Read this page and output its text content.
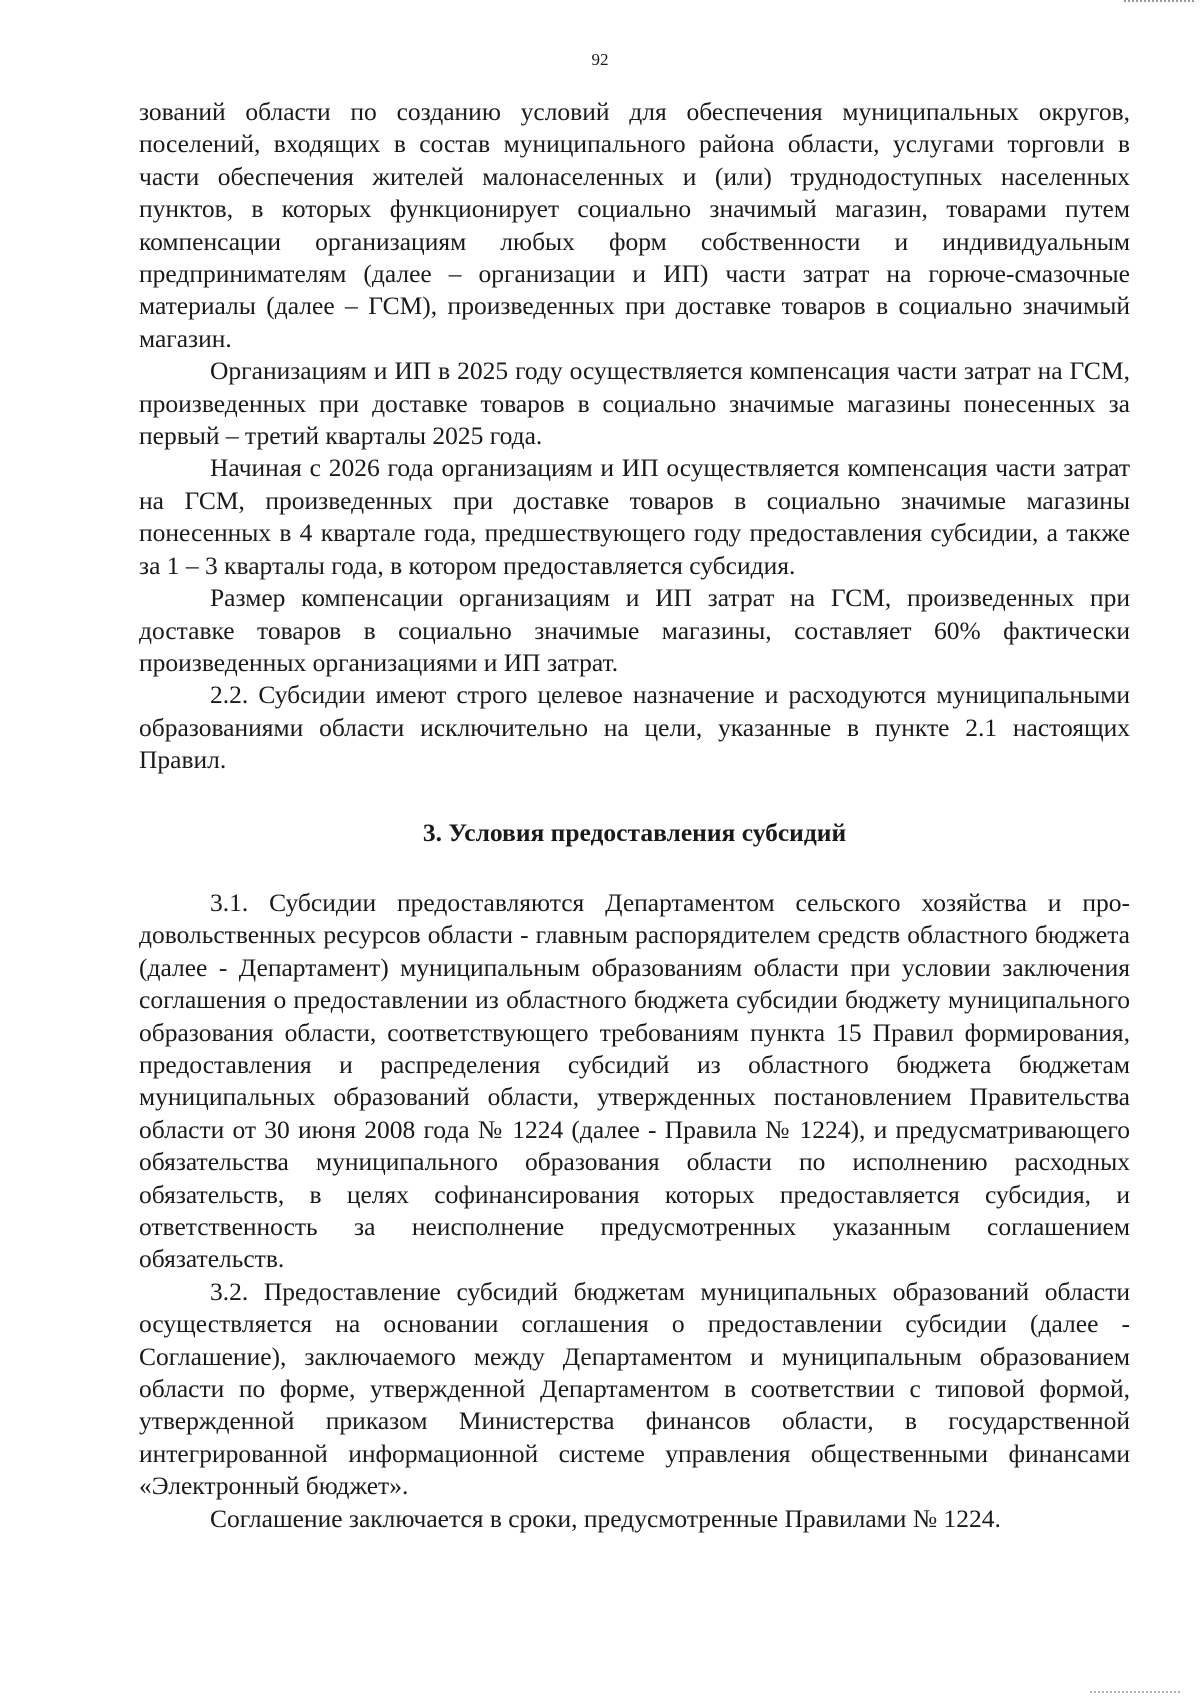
92

зований области по созданию условий для обеспечения муниципальных округов, поселений, входящих в состав муниципального района области, услугами торговли в части обеспечения жителей малонаселенных и (или) труднодоступных населенных пунктов, в которых функционирует социально значимый магазин, товарами путем компенсации организациям любых форм собственности и индивидуальным предпринимателям (далее – организации и ИП) части затрат на горюче-смазочные материалы (далее – ГСМ), произведенных при доставке товаров в социально значимый магазин.

Организациям и ИП в 2025 году осуществляется компенсация части затрат на ГСМ, произведенных при доставке товаров в социально значимые магазины понесенных за первый – третий кварталы 2025 года.

Начиная с 2026 года организациям и ИП осуществляется компенсация части затрат на ГСМ, произведенных при доставке товаров в социально значимые магазины понесенных в 4 квартале года, предшествующего году предоставления субсидии, а также за 1 – 3 кварталы года, в котором предоставляется субсидия.

Размер компенсации организациям и ИП затрат на ГСМ, произведенных при доставке товаров в социально значимые магазины, составляет 60% фактически произведенных организациями и ИП затрат.

2.2. Субсидии имеют строго целевое назначение и расходуются муниципальными образованиями области исключительно на цели, указанные в пункте 2.1 настоящих Правил.

3. Условия предоставления субсидий

3.1. Субсидии предоставляются Департаментом сельского хозяйства и продовольственных ресурсов области - главным распорядителем средств областного бюджета (далее - Департамент) муниципальным образованиям области при условии заключения соглашения о предоставлении из областного бюджета субсидии бюджету муниципального образования области, соответствующего требованиям пункта 15 Правил формирования, предоставления и распределения субсидий из областного бюджета бюджетам муниципальных образований области, утвержденных постановлением Правительства области от 30 июня 2008 года № 1224 (далее - Правила № 1224), и предусматривающего обязательства муниципального образования области по исполнению расходных обязательств, в целях софинансирования которых предоставляется субсидия, и ответственность за неисполнение предусмотренных указанным соглашением обязательств.

3.2. Предоставление субсидий бюджетам муниципальных образований области осуществляется на основании соглашения о предоставлении субсидии (далее - Соглашение), заключаемого между Департаментом и муниципальным образованием области по форме, утвержденной Департаментом в соответствии с типовой формой, утвержденной приказом Министерства финансов области, в государственной интегрированной информационной системе управления общественными финансами «Электронный бюджет».

Соглашение заключается в сроки, предусмотренные Правилами № 1224.
